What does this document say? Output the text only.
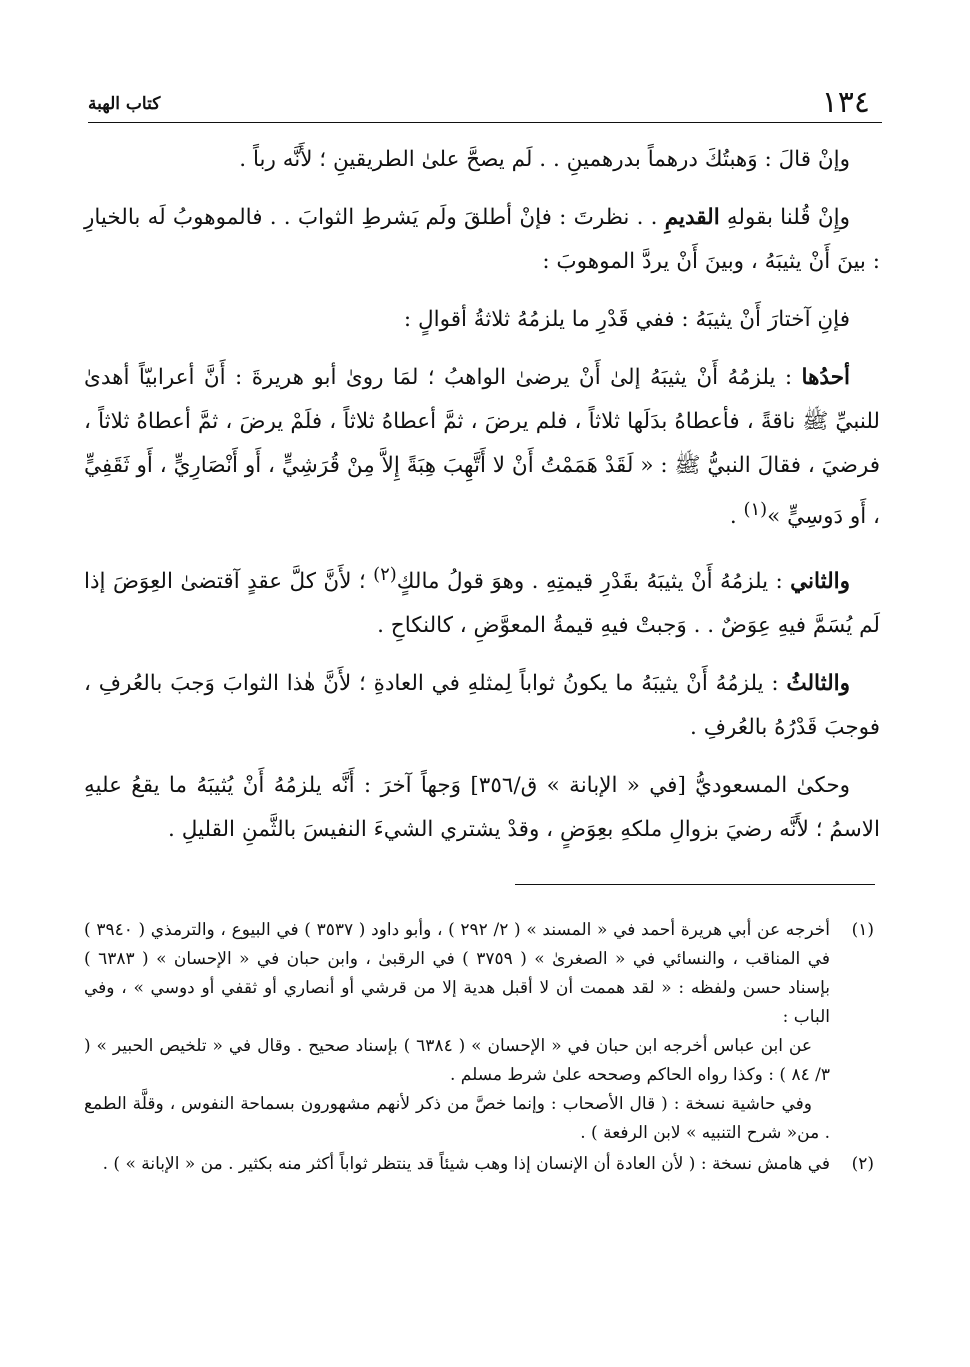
١٣٤
كتاب الهبة

وإنْ قالَ : وَهبتُكَ درهماً بدرهمينِ . . لَم يصحَّ علىٰ الطريقينِ ؛ لأَنَّه رباً .

وإِنْ قُلنا بقولهِ القديمِ . . نظرتَ : فإنْ أطلقَ ولَم يَشرطِ الثوابَ . . فالموهوبُ لَه بالخيارِ : بينَ أَنْ يثيبَهُ ، وبينَ أَنْ يردَّ الموهوبَ :

فإنِ آختارَ أَنْ يثيبَهُ : ففي قَدْرِ ما يلزمُهُ ثلاثةُ أقوالٍ :

أحدُها : يلزمُهُ أَنْ يثيبَهُ إلىٰ أَنْ يرضىٰ الواهبُ ؛ لمَا روىٰ أبو هريرةَ : أَنَّ أعرابيّاً أهدىٰ للنبيِّ ﷺ ناقةً ، فأعطاهُ بدَلَها ثلاثاً ، فلم يرضَ ، ثمَّ أعطاهُ ثلاثاً ، فلَمْ يرضَ ، ثمَّ أعطاهُ ثلاثاً ، فرضيَ ، فقالَ النبيُّ ﷺ : « لَقَدْ هَمَمْتُ أَنْ لا أَتَّهِبَ هِبَةً إِلاَّ مِنْ قُرَشِيٍّ ، أَو أَنْصَارِيٍّ ، أَو ثَقَفِيٍّ ، أَو دَوسِيٍّ »$^{(١)}$ .

والثاني : يلزمُهُ أَنْ يثيبَهُ بقَدْرِ قيمتِهِ . وهوَ قولُ مالكٍ$^{(٢)}$ ؛ لأَنَّ كلَّ عقدٍ آقتضىٰ العِوَضَ إذا لَم يُسَمَّ فيهِ عِوَضٌ . . وَجبتْ فيهِ قيمةُ المعوَّضِ ، كالنكاحِ .

والثالثُ : يلزمُهُ أَنْ يثيبَهُ ما يكونُ ثواباً لِمثلهِ في العادةِ ؛ لأَنَّ هٰذا الثوابَ وَجبَ بالعُرفِ ، فوجبَ قَدْرُهُ بالعُرفِ .

وحكىٰ المسعوديُّ [في « الإبانة » ق/٣٥٦] وَجهاً آخرَ : أَنَّه يلزمُهُ أَنْ يُثيبَهُ ما يقعُ عليهِ الاسمُ ؛ لأَنَّه رضيَ بزوالِ ملكهِ بعِوَضٍ ، وقدْ يشتري الشيءَ النفيسَ بالثَّمنِ القليلِ .

(١)

أخرجه عن أبي هريرة أحمد في « المسند » ( ٢/ ٢٩٢ ) ، وأبو داود ( ٣٥٣٧ ) في البيوع ، والترمذي ( ٣٩٤٠ ) في المناقب ، والنسائي في « الصغرىٰ » ( ٣٧٥٩ ) في الرقبىٰ ، وابن حبان في « الإحسان » ( ٦٣٨٣ ) بإسناد حسن ولفظه : « لقد هممت أن لا أقبل هدية إلا من قرشي أو أنصاري أو ثقفي أو دوسي » ، وفي الباب :

عن ابن عباس أخرجه ابن حبان في « الإحسان » ( ٦٣٨٤ ) بإسناد صحيح . وقال في « تلخيص الحبير » ( ٣/ ٨٤ ) : وكذا رواه الحاكم وصححه علىٰ شرط مسلم .

وفي حاشية نسخة : ( قال الأصحاب : وإنما خصَّ من ذكر لأنهم مشهورون بسماحة النفوس ، وقلَّة الطمع . من« شرح التنبيه » لابن الرفعة ) .

(٢)

في هامش نسخة : ( لأن العادة أن الإنسان إذا وهب شيئاً قد ينتظر ثواباً أكثر منه بكثير . من « الإبانة » ) .
